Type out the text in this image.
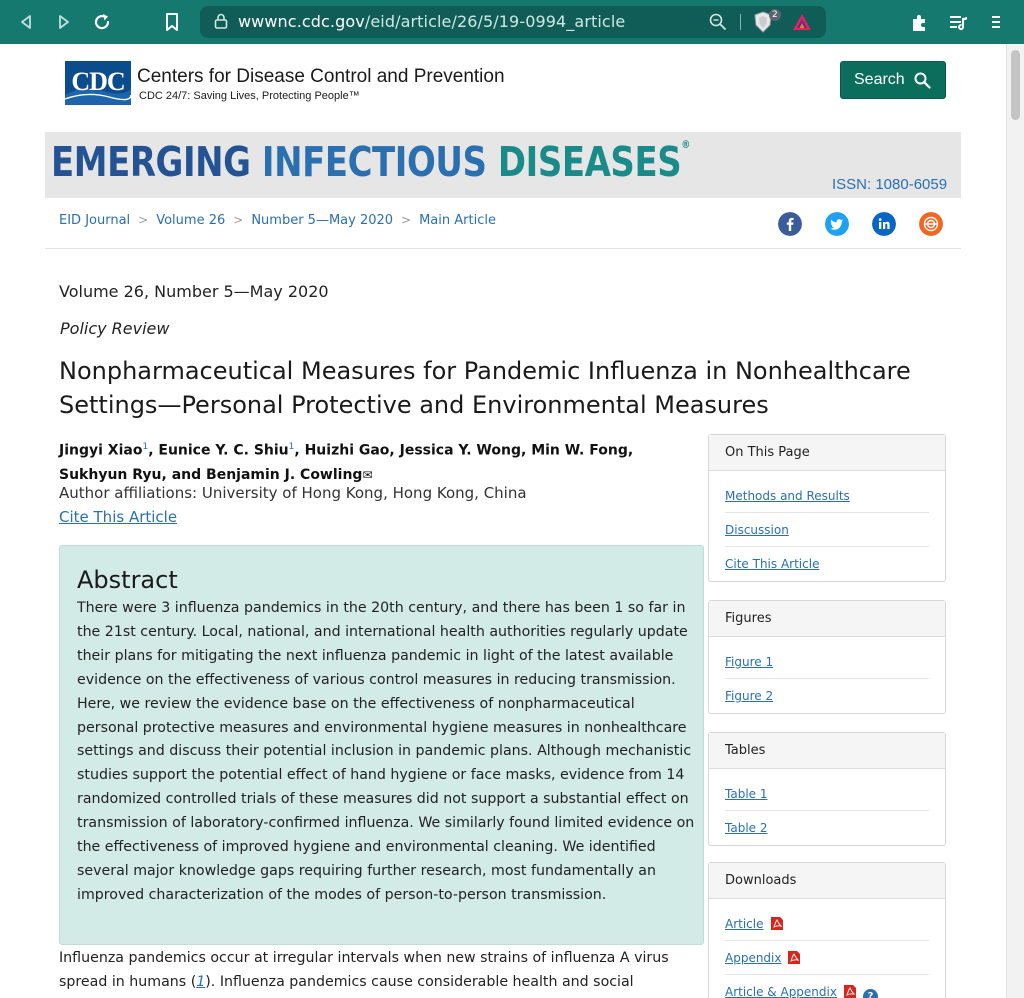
wwwnc.cdc.gov/eid/article/26/5/19-0994_article	2
CDC Centers for Disease Control and Prevention
CDC 24/7: Saving Lives, Protecting People™
Search
EMERGING INFECTIOUS DISEASES®
ISSN: 1080-6059
EID Journal > Volume 26 > Number 5—May 2020 > Main Article
Volume 26, Number 5—May 2020
Policy Review
Nonpharmaceutical Measures for Pandemic Influenza in Nonhealthcare Settings—Personal Protective and Environmental Measures
Jingyi Xiao$^1$, Eunice Y. C. Shiu$^1$, Huizhi Gao, Jessica Y. Wong, Min W. Fong, Sukhyun Ryu, and Benjamin J. Cowling✉
Author affiliations: University of Hong Kong, Hong Kong, China
Cite This Article
Abstract

There were 3 influenza pandemics in the 20th century, and there has been 1 so far in the 21st century. Local, national, and international health authorities regularly update their plans for mitigating the next influenza pandemic in light of the latest available evidence on the effectiveness of various control measures in reducing transmission. Here, we review the evidence base on the effectiveness of nonpharmaceutical personal protective measures and environmental hygiene measures in nonhealthcare settings and discuss their potential inclusion in pandemic plans. Although mechanistic studies support the potential effect of hand hygiene or face masks, evidence from 14 randomized controlled trials of these measures did not support a substantial effect on transmission of laboratory-confirmed influenza. We similarly found limited evidence on the effectiveness of improved hygiene and environmental cleaning. We identified several major knowledge gaps requiring further research, most fundamentally an improved characterization of the modes of person-to-person transmission.

Influenza pandemics occur at irregular intervals when new strains of influenza A virus spread in humans (1). Influenza pandemics cause considerable health and social
On This Page
Methods and Results
Discussion
Cite This Article
Figures
Figure 1
Figure 2
Tables
Table 1
Table 2
Downloads
Article
Appendix
Article & Appendix	?
